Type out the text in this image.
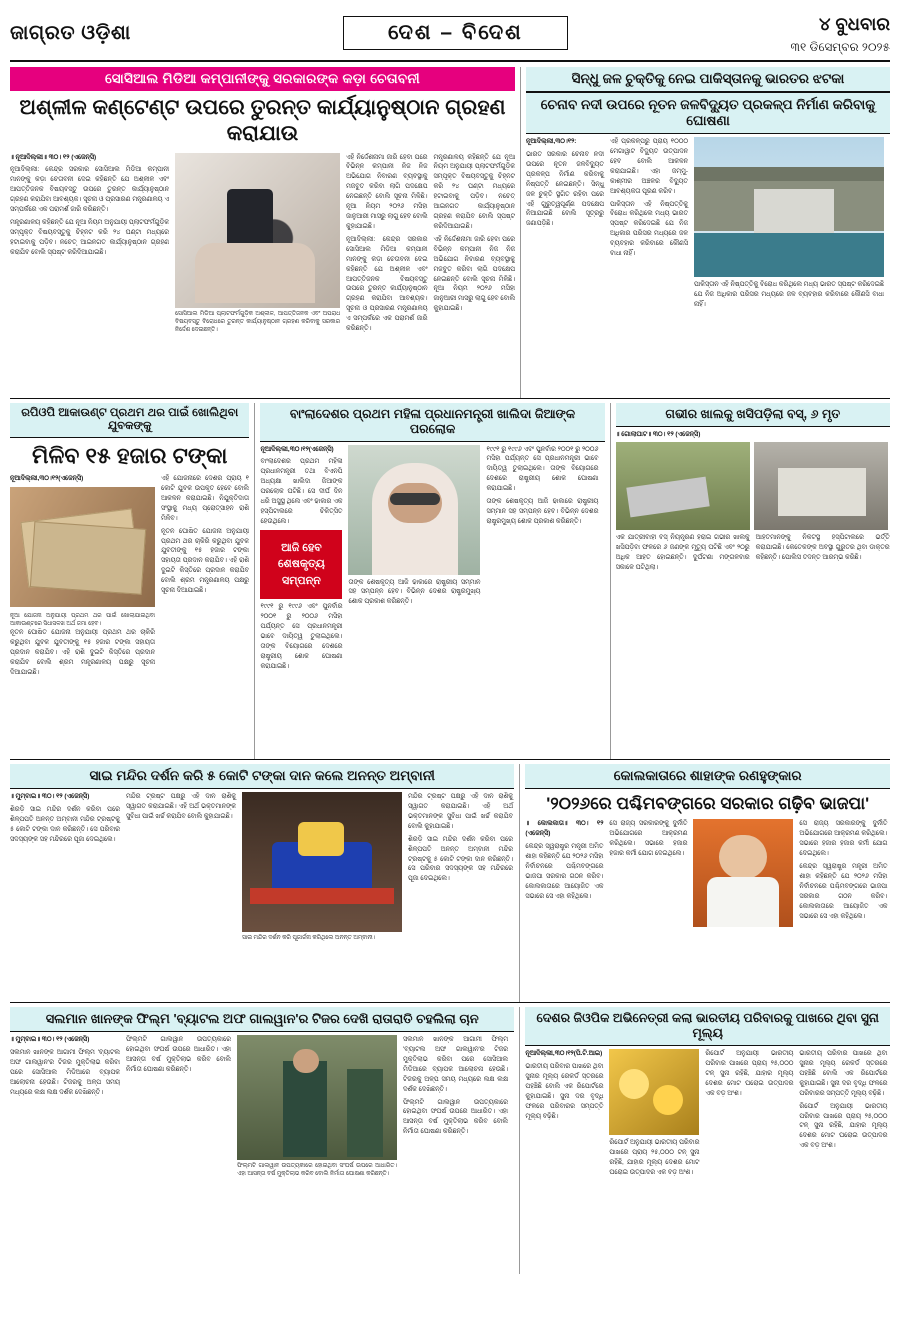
ଜାଗ୍ରତ ଓଡ଼ିଶା	ଦେଶ – ବିଦେଶ	୪ ବୁଧବାର
୩୧ ଡିସେମ୍ବର ୨୦୨୫
ସୋସିଆଲ ମିଡିଆ କମ୍ପାନୀଙ୍କୁ ସରକାରଙ୍କ କଡ଼ା ଚେତାବନୀ
ଅଶ୍ଳୀଳ କଣ୍ଟେଣ୍ଟ ଉପରେ ତୁରନ୍ତ କାର୍ଯ୍ୟାନୁଷ୍ଠାନ ଗ୍ରହଣ କରାଯାଉ

॥ ନୂଆଦିଲ୍ଲୀ॥ ୩୦। ୧୨ (ଏଜେନ୍ସି)

ନୂଆଦିଲ୍ଲୀ: କେନ୍ଦ୍ର ସରକାର ସୋସିଆଲ ମିଡିଆ କମ୍ପାନୀ ମାନଙ୍କୁ କଡ଼ା ଚେତାବନୀ ଦେଇ କହିଛନ୍ତି ଯେ ଅଶ୍ଳୀଳ ଏବଂ ଆପତ୍ତିଜନକ ବିଷୟବସ୍ତୁ ଉପରେ ତୁରନ୍ତ କାର୍ଯ୍ୟାନୁଷ୍ଠାନ ଗ୍ରହଣ କରାଯିବା ଆବଶ୍ୟକ। ସୂଚନା ଓ ପ୍ରସାରଣ ମନ୍ତ୍ରଣାଳୟ ଏ ସମ୍ପର୍କରେ ଏକ ପରାମର୍ଶ ଜାରି କରିଛନ୍ତି।

ମନ୍ତ୍ରଣାଳୟ କହିଛନ୍ତି ଯେ ନୂଆ ନିୟମ ଅନୁଯାୟୀ ପ୍ଲାଟଫର୍ମଗୁଡ଼ିକ ସମ୍ପୃକ୍ତ ବିଷୟବସ୍ତୁକୁ ଚିହ୍ନଟ କରି ୨୪ ଘଣ୍ଟା ମଧ୍ୟରେ ହଟାଇବାକୁ ପଡ଼ିବ। ନଚେତ୍ ଆଇନଗତ କାର୍ଯ୍ୟାନୁଷ୍ଠାନ ଗ୍ରହଣ କରାଯିବ ବୋଲି ସ୍ପଷ୍ଟ କରିଦିଆଯାଇଛି।

ସୋସିଆଲ ମିଡିଆ ପ୍ଲାଟଫର୍ମଗୁଡ଼ିକ ଅଶ୍ଳୀଳ, ଆପତ୍ତିଜନକ ଏବଂ ଅପରାଧ ବିଷୟବସ୍ତୁ ବିରୋଧରେ ତୁରନ୍ତ କାର୍ଯ୍ୟାନୁଷ୍ଠାନ ଗ୍ରହଣ କରିବାକୁ ସରକାର ନିର୍ଦ୍ଦେଶ ଦେଇଛନ୍ତି।

ଏହି ନିର୍ଦ୍ଦେଶନାମା ଜାରି ହେବା ପରେ ବିଭିନ୍ନ କମ୍ପାନୀ ନିଜ ନିଜ ଅଭିଯୋଗ ନିବାରଣ ବ୍ୟବସ୍ଥାକୁ ମଜବୁତ କରିବା ଲାଗି ପଦକ୍ଷେପ ନେଇଛନ୍ତି ବୋଲି ସୂଚନା ମିଳିଛି। ନୂଆ ନିୟମ ୨୦୨୬ ମସିହା ଜାନୁଆରୀ ମାସରୁ ଲାଗୁ ହେବ ବୋଲି କୁହାଯାଇଛି।

ନୂଆଦିଲ୍ଲୀ: କେନ୍ଦ୍ର ସରକାର ସୋସିଆଲ ମିଡିଆ କମ୍ପାନୀ ମାନଙ୍କୁ କଡ଼ା ଚେତାବନୀ ଦେଇ କହିଛନ୍ତି ଯେ ଅଶ୍ଳୀଳ ଏବଂ ଆପତ୍ତିଜନକ ବିଷୟବସ୍ତୁ ଉପରେ ତୁରନ୍ତ କାର୍ଯ୍ୟାନୁଷ୍ଠାନ ଗ୍ରହଣ କରାଯିବା ଆବଶ୍ୟକ। ସୂଚନା ଓ ପ୍ରସାରଣ ମନ୍ତ୍ରଣାଳୟ ଏ ସମ୍ପର୍କରେ ଏକ ପରାମର୍ଶ ଜାରି କରିଛନ୍ତି।

ମନ୍ତ୍ରଣାଳୟ କହିଛନ୍ତି ଯେ ନୂଆ ନିୟମ ଅନୁଯାୟୀ ପ୍ଲାଟଫର୍ମଗୁଡ଼ିକ ସମ୍ପୃକ୍ତ ବିଷୟବସ୍ତୁକୁ ଚିହ୍ନଟ କରି ୨୪ ଘଣ୍ଟା ମଧ୍ୟରେ ହଟାଇବାକୁ ପଡ଼ିବ। ନଚେତ୍ ଆଇନଗତ କାର୍ଯ୍ୟାନୁଷ୍ଠାନ ଗ୍ରହଣ କରାଯିବ ବୋଲି ସ୍ପଷ୍ଟ କରିଦିଆଯାଇଛି।

ଏହି ନିର୍ଦ୍ଦେଶନାମା ଜାରି ହେବା ପରେ ବିଭିନ୍ନ କମ୍ପାନୀ ନିଜ ନିଜ ଅଭିଯୋଗ ନିବାରଣ ବ୍ୟବସ୍ଥାକୁ ମଜବୁତ କରିବା ଲାଗି ପଦକ୍ଷେପ ନେଇଛନ୍ତି ବୋଲି ସୂଚନା ମିଳିଛି। ନୂଆ ନିୟମ ୨୦୨୬ ମସିହା ଜାନୁଆରୀ ମାସରୁ ଲାଗୁ ହେବ ବୋଲି କୁହାଯାଇଛି।

ସିନ୍ଧୁ ଜଳ ଚୁକ୍ତିକୁ ନେଇ ପାକିସ୍ତାନକୁ ଭାରତର ଝଟକା
ଚେନାବ ନଦୀ ଉପରେ ନୂତନ ଜଳବିଦ୍ୟୁତ ପ୍ରକଳ୍ପ ନିର୍ମାଣ କରିବାକୁ ଘୋଷଣା

ନୂଆଦିଲ୍ଲୀ,୩୦।୧୨:

ଭାରତ ସରକାର ଚେନାବ ନଦୀ ଉପରେ ନୂତନ ଜଳବିଦ୍ୟୁତ ପ୍ରକଳ୍ପ ନିର୍ମାଣ କରିବାକୁ ନିଷ୍ପତ୍ତି ନେଇଛନ୍ତି। ସିନ୍ଧୁ ଜଳ ଚୁକ୍ତି ସ୍ଥଗିତ ରହିବା ପରେ ଏହି ଗୁରୁତ୍ୱପୂର୍ଣ୍ଣ ପଦକ୍ଷେପ ନିଆଯାଇଛି ବୋଲି ସୂତ୍ରରୁ ଜଣାପଡ଼ିଛି।

ଏହି ପ୍ରକଳ୍ପରୁ ପ୍ରାୟ ୧୦୦୦ ମେଗାୱାଟ ବିଦ୍ୟୁତ ଉତ୍ପାଦନ ହେବ ବୋଲି ଆକଳନ କରାଯାଇଛି। ଏହା ଜମ୍ମୁ-କାଶ୍ମୀର ଅଞ୍ଚଳର ବିଦ୍ୟୁତ ଆବଶ୍ୟକତା ପୂରଣ କରିବ।

ପାକିସ୍ତାନ ଏହି ନିଷ୍ପତ୍ତିକୁ ବିରୋଧ କରିଥିଲେ ମଧ୍ୟ ଭାରତ ସ୍ପଷ୍ଟ କରିଦେଇଛି ଯେ ନିଜ ଅଧିକାର ପରିସର ମଧ୍ୟରେ ଜଳ ବ୍ୟବହାର କରିବାରେ କୌଣସି ବାଧା ନାହିଁ।

ପାକିସ୍ତାନ ଏହି ନିଷ୍ପତ୍ତିକୁ ବିରୋଧ କରିଥିଲେ ମଧ୍ୟ ଭାରତ ସ୍ପଷ୍ଟ କରିଦେଇଛି ଯେ ନିଜ ଅଧିକାର ପରିସର ମଧ୍ୟରେ ଜଳ ବ୍ୟବହାର କରିବାରେ କୌଣସି ବାଧା ନାହିଁ।

ରପିଓପି ଆକାଉଣ୍ଟ ପ୍ରଥମ ଥର ପାଇଁ ଖୋଲିଥିବା ଯୁବକଙ୍କୁ
ମିଳିବ ୧୫ ହଜାର ଟଙ୍କା

ନୂଆଦିଲ୍ଲୀ,୩୦।୧୨(ଏଜେନ୍ସି)

ନୂଆ ଯୋଜନା ଅନୁଯାୟୀ ପ୍ରଥମ ଥର ପାଇଁ ଖୋଲାଯାଇଥିବା ଆକାଉଣ୍ଟରେ ସିଧାସଳଖ ଅର୍ଥ ଜମା ହେବ।

ନୂତନ ଘୋଷିତ ଯୋଜନା ଅନୁଯାୟୀ ପ୍ରଥମ ଥର ଚାକିରି କରୁଥିବା ଯୁବକ ଯୁବତୀଙ୍କୁ ୧୫ ହଜାର ଟଙ୍କା ସହାୟତା ପ୍ରଦାନ କରାଯିବ। ଏହି ରାଶି ଦୁଇଟି କିସ୍ତିରେ ପ୍ରଦାନ କରାଯିବ ବୋଲି ଶ୍ରମ ମନ୍ତ୍ରଣାଳୟ ପକ୍ଷରୁ ସୂଚନା ଦିଆଯାଇଛି।

ଏହି ଯୋଜନାରେ ଦେଶର ପ୍ରାୟ ୧ କୋଟି ଯୁବକ ଉପକୃତ ହେବେ ବୋଲି ଆକଳନ କରାଯାଇଛି। ନିଯୁକ୍ତିଦାତା ସଂସ୍ଥାକୁ ମଧ୍ୟ ପ୍ରୋତ୍ସାହନ ରାଶି ମିଳିବ।

ନୂତନ ଘୋଷିତ ଯୋଜନା ଅନୁଯାୟୀ ପ୍ରଥମ ଥର ଚାକିରି କରୁଥିବା ଯୁବକ ଯୁବତୀଙ୍କୁ ୧୫ ହଜାର ଟଙ୍କା ସହାୟତା ପ୍ରଦାନ କରାଯିବ। ଏହି ରାଶି ଦୁଇଟି କିସ୍ତିରେ ପ୍ରଦାନ କରାଯିବ ବୋଲି ଶ୍ରମ ମନ୍ତ୍ରଣାଳୟ ପକ୍ଷରୁ ସୂଚନା ଦିଆଯାଇଛି।

ବାଂଲାଦେଶର ପ୍ରଥମ ମହିଳା ପ୍ରଧାନମନ୍ତ୍ରୀ ଖାଲିଦା ଜିଆଙ୍କ ପରଲୋକ

ନୂଆଦିଲ୍ଲୀ,୩୦।୧୨(ଏଜେନ୍ସି)

ବାଂଲାଦେଶର ପ୍ରଥମ ମହିଳା ପ୍ରଧାନମନ୍ତ୍ରୀ ତଥା ବିଏନପି ଅଧ୍ୟକ୍ଷା ଖାଲିଦା ଜିଆଙ୍କ ପରଲୋକ ଘଟିଛି। ସେ ଦୀର୍ଘ ଦିନ ଧରି ଅସୁସ୍ଥ ଥିଲେ ଏବଂ ଢାକାର ଏକ ହସ୍ପିଟାଲରେ ଚିକିତ୍ସିତ ହେଉଥିଲେ।

ଆଜି ହେବ ଶେଷକୃତ୍ୟ ସମ୍ପନ୍ନ

୧୯୯୧ ରୁ ୧୯୯୬ ଏବଂ ପୁନର୍ବାର ୨୦୦୧ ରୁ ୨୦୦୬ ମସିହା ପର୍ଯ୍ୟନ୍ତ ସେ ପ୍ରଧାନମନ୍ତ୍ରୀ ଭାବେ ଦାୟିତ୍ୱ ତୁଲାଇଥିଲେ। ତାଙ୍କ ବିୟୋଗରେ ଦେଶରେ ରାଷ୍ଟ୍ରୀୟ ଶୋକ ଘୋଷଣା କରାଯାଇଛି।

ତାଙ୍କ ଶେଷକୃତ୍ୟ ଆଜି ଢାକାରେ ରାଷ୍ଟ୍ରୀୟ ସମ୍ମାନ ସହ ସମ୍ପନ୍ନ ହେବ। ବିଭିନ୍ନ ଦେଶର ରାଷ୍ଟ୍ରମୁଖ୍ୟ ଶୋକ ପ୍ରକାଶ କରିଛନ୍ତି।

୧୯୯୧ ରୁ ୧୯୯୬ ଏବଂ ପୁନର୍ବାର ୨୦୦୧ ରୁ ୨୦୦୬ ମସିହା ପର୍ଯ୍ୟନ୍ତ ସେ ପ୍ରଧାନମନ୍ତ୍ରୀ ଭାବେ ଦାୟିତ୍ୱ ତୁଲାଇଥିଲେ। ତାଙ୍କ ବିୟୋଗରେ ଦେଶରେ ରାଷ୍ଟ୍ରୀୟ ଶୋକ ଘୋଷଣା କରାଯାଇଛି।

ତାଙ୍କ ଶେଷକୃତ୍ୟ ଆଜି ଢାକାରେ ରାଷ୍ଟ୍ରୀୟ ସମ୍ମାନ ସହ ସମ୍ପନ୍ନ ହେବ। ବିଭିନ୍ନ ଦେଶର ରାଷ୍ଟ୍ରମୁଖ୍ୟ ଶୋକ ପ୍ରକାଶ କରିଛନ୍ତି।

ଗଭୀର ଖାଲକୁ ଖସିପଡ଼ିଲା ବସ୍, ୬ ମୃତ

॥ ଗୋଲାଘାଟ॥ ୩୦। ୧୨ (ଏଜେନ୍ସି)

ଏକ ଯାତ୍ରୀବାହୀ ବସ୍ ନିୟନ୍ତ୍ରଣ ହରାଇ ଗଭୀର ଖାଲକୁ ଖସିପଡ଼ିବା ଫଳରେ ୬ ଜଣଙ୍କ ମୃତ୍ୟୁ ଘଟିଛି ଏବଂ ୨୦ରୁ ଅଧିକ ଆହତ ହୋଇଛନ୍ତି। ଦୁର୍ଘଟଣା ମଙ୍ଗଳବାର ସକାଳେ ଘଟିଥିଲା।

ଆହତମାନଙ୍କୁ ନିକଟସ୍ଥ ହସ୍ପିଟାଲରେ ଭର୍ତ୍ତି କରାଯାଇଛି। କେତେକଙ୍କ ଅବସ୍ଥା ଗୁରୁତର ଥିବା ଡାକ୍ତର କହିଛନ୍ତି। ପୋଲିସ ତଦନ୍ତ ଆରମ୍ଭ କରିଛି।

ସାଇ ମନ୍ଦିର ଦର୍ଶନ କରି ୫ କୋଟି ଟଙ୍କା ଦାନ କଲେ ଅନନ୍ତ ଅମ୍ବାନୀ

॥ ମୁମ୍ବାଇ॥ ୩୦। ୧୨ (ଏଜେନ୍ସି)

ଶିରଡ଼ି ସାଇ ମନ୍ଦିର ଦର୍ଶନ କରିବା ପରେ ଶିଳ୍ପପତି ଅନନ୍ତ ଅମ୍ବାନୀ ମନ୍ଦିର ଟ୍ରଷ୍ଟକୁ ୫ କୋଟି ଟଙ୍କା ଦାନ କରିଛନ୍ତି। ସେ ପରିବାର ସଦସ୍ୟଙ୍କ ସହ ମନ୍ଦିରରେ ପୂଜା ଦେଇଥିଲେ।

ମନ୍ଦିର ଟ୍ରଷ୍ଟ ପକ୍ଷରୁ ଏହି ଦାନ ରାଶିକୁ ସ୍ୱାଗତ କରାଯାଇଛି। ଏହି ଅର୍ଥ ଭକ୍ତମାନଙ୍କ ସୁବିଧା ପାଇଁ ଖର୍ଚ୍ଚ କରାଯିବ ବୋଲି କୁହାଯାଇଛି।

ସାଇ ମନ୍ଦିର ଦର୍ଶନ କରି ପୂଜାର୍ଚ୍ଚନା କରିଥିଲେ ଅନନ୍ତ ଅମ୍ବାନୀ।

ମନ୍ଦିର ଟ୍ରଷ୍ଟ ପକ୍ଷରୁ ଏହି ଦାନ ରାଶିକୁ ସ୍ୱାଗତ କରାଯାଇଛି। ଏହି ଅର୍ଥ ଭକ୍ତମାନଙ୍କ ସୁବିଧା ପାଇଁ ଖର୍ଚ୍ଚ କରାଯିବ ବୋଲି କୁହାଯାଇଛି।

ଶିରଡ଼ି ସାଇ ମନ୍ଦିର ଦର୍ଶନ କରିବା ପରେ ଶିଳ୍ପପତି ଅନନ୍ତ ଅମ୍ବାନୀ ମନ୍ଦିର ଟ୍ରଷ୍ଟକୁ ୫ କୋଟି ଟଙ୍କା ଦାନ କରିଛନ୍ତି। ସେ ପରିବାର ସଦସ୍ୟଙ୍କ ସହ ମନ୍ଦିରରେ ପୂଜା ଦେଇଥିଲେ।

କୋଲକାତାରେ ଶାହାଙ୍କ ରଣହୁଙ୍କାର
'୨୦୨୬ରେ ପଶ୍ଚିମବଙ୍ଗରେ ସରକାର ଗଢ଼ିବ ଭାଜପା'

॥ କୋଲକାତା॥ ୩୦। ୧୨ (ଏଜେନ୍ସି)

କେନ୍ଦ୍ର ସ୍ୱରାଷ୍ଟ୍ର ମନ୍ତ୍ରୀ ଅମିତ ଶାହା କହିଛନ୍ତି ଯେ ୨୦୨୬ ମସିହା ନିର୍ବାଚନରେ ପଶ୍ଚିମବଙ୍ଗରେ ଭାଜପା ସରକାର ଗଠନ କରିବ। କୋଲକାତାରେ ଆୟୋଜିତ ଏକ ସଭାରେ ସେ ଏହା କହିଥିଲେ।

ସେ ରାଜ୍ୟ ସରକାରଙ୍କୁ ଦୁର୍ନୀତି ଅଭିଯୋଗରେ ଆକ୍ରମଣ କରିଥିଲେ। ସଭାରେ ହଜାର ହଜାର କର୍ମୀ ଯୋଗ ଦେଇଥିଲେ।

ସେ ରାଜ୍ୟ ସରକାରଙ୍କୁ ଦୁର୍ନୀତି ଅଭିଯୋଗରେ ଆକ୍ରମଣ କରିଥିଲେ। ସଭାରେ ହଜାର ହଜାର କର୍ମୀ ଯୋଗ ଦେଇଥିଲେ।

କେନ୍ଦ୍ର ସ୍ୱରାଷ୍ଟ୍ର ମନ୍ତ୍ରୀ ଅମିତ ଶାହା କହିଛନ୍ତି ଯେ ୨୦୨୬ ମସିହା ନିର୍ବାଚନରେ ପଶ୍ଚିମବଙ୍ଗରେ ଭାଜପା ସରକାର ଗଠନ କରିବ। କୋଲକାତାରେ ଆୟୋଜିତ ଏକ ସଭାରେ ସେ ଏହା କହିଥିଲେ।

ସଲମାନ ଖାନଙ୍କ ଫିଲ୍ମ 'ବ୍ୟାଟଲ ଅଫ ଗାଲୱାନ'ର ଟିଜର ଦେଖି ରାତାରାତି ଚହଲିଲା ଚାନ

॥ ମୁମ୍ବାଇ॥ ୩୦। ୧୨ (ଏଜେନ୍ସି)

ସଲମାନ ଖାନଙ୍କ ଆଗାମୀ ଫିଲ୍ମ 'ବ୍ୟାଟଲ ଅଫ ଗାଲୱାନ'ର ଟିଜର ମୁକ୍ତିଲାଭ କରିବା ପରେ ସୋସିଆଲ ମିଡିଆରେ ବ୍ୟାପକ ଆଲୋଚନା ହେଉଛି। ଟିଜରକୁ ଅଳ୍ପ ସମୟ ମଧ୍ୟରେ ଲକ୍ଷ ଲକ୍ଷ ଦର୍ଶକ ଦେଖିଛନ୍ତି।

ଫିଲ୍ମଟି ଗାଲୱାନ ଉପତ୍ୟକାରେ ହୋଇଥିବା ସଂଘର୍ଷ ଉପରେ ଆଧାରିତ। ଏହା ଆସନ୍ତା ବର୍ଷ ମୁକ୍ତିଲାଭ କରିବ ବୋଲି ନିର୍ମାତା ଘୋଷଣା କରିଛନ୍ତି।

ଫିଲ୍ମଟି ଗାଲୱାନ ଉପତ୍ୟକାରେ ହୋଇଥିବା ସଂଘର୍ଷ ଉପରେ ଆଧାରିତ। ଏହା ଆସନ୍ତା ବର୍ଷ ମୁକ୍ତିଲାଭ କରିବ ବୋଲି ନିର୍ମାତା ଘୋଷଣା କରିଛନ୍ତି।

ସଲମାନ ଖାନଙ୍କ ଆଗାମୀ ଫିଲ୍ମ 'ବ୍ୟାଟଲ ଅଫ ଗାଲୱାନ'ର ଟିଜର ମୁକ୍ତିଲାଭ କରିବା ପରେ ସୋସିଆଲ ମିଡିଆରେ ବ୍ୟାପକ ଆଲୋଚନା ହେଉଛି। ଟିଜରକୁ ଅଳ୍ପ ସମୟ ମଧ୍ୟରେ ଲକ୍ଷ ଲକ୍ଷ ଦର୍ଶକ ଦେଖିଛନ୍ତି।

ଫିଲ୍ମଟି ଗାଲୱାନ ଉପତ୍ୟକାରେ ହୋଇଥିବା ସଂଘର୍ଷ ଉପରେ ଆଧାରିତ। ଏହା ଆସନ୍ତା ବର୍ଷ ମୁକ୍ତିଲାଭ କରିବ ବୋଲି ନିର୍ମାତା ଘୋଷଣା କରିଛନ୍ତି।

ଦେଶର ଜିଓପିକ ଅଭିନେତ୍ରୀ କଲା ଭାରତୀୟ ପରିବାରକୁ ପାଖରେ ଥିବା ସୁନା ମୂଲ୍ୟ

ନୂଆଦିଲ୍ଲୀ,୩୦।୧୨(ପି.ଟି.ଆଇ)

ଭାରତୀୟ ପରିବାର ପାଖରେ ଥିବା ସୁନାର ମୂଲ୍ୟ ରେକର୍ଡ ସ୍ତରରେ ପହଞ୍ଚିଛି ବୋଲି ଏକ ରିପୋର୍ଟରେ କୁହାଯାଇଛି। ସୁନା ଦର ବୃଦ୍ଧି ଫଳରେ ପରିବାରର ସମ୍ପତ୍ତି ମୂଲ୍ୟ ବଢ଼ିଛି।

ରିପୋର୍ଟ ଅନୁଯାୟୀ ଭାରତୀୟ ପରିବାର ପାଖରେ ପ୍ରାୟ ୨୫,୦୦୦ ଟନ୍ ସୁନା ରହିଛି, ଯାହାର ମୂଲ୍ୟ ଦେଶର ମୋଟ ଘରୋଇ ଉତ୍ପାଦର ଏକ ବଡ଼ ଅଂଶ।

ରିପୋର୍ଟ ଅନୁଯାୟୀ ଭାରତୀୟ ପରିବାର ପାଖରେ ପ୍ରାୟ ୨୫,୦୦୦ ଟନ୍ ସୁନା ରହିଛି, ଯାହାର ମୂଲ୍ୟ ଦେଶର ମୋଟ ଘରୋଇ ଉତ୍ପାଦର ଏକ ବଡ଼ ଅଂଶ।

ଭାରତୀୟ ପରିବାର ପାଖରେ ଥିବା ସୁନାର ମୂଲ୍ୟ ରେକର୍ଡ ସ୍ତରରେ ପହଞ୍ଚିଛି ବୋଲି ଏକ ରିପୋର୍ଟରେ କୁହାଯାଇଛି। ସୁନା ଦର ବୃଦ୍ଧି ଫଳରେ ପରିବାରର ସମ୍ପତ୍ତି ମୂଲ୍ୟ ବଢ଼ିଛି।

ରିପୋର୍ଟ ଅନୁଯାୟୀ ଭାରତୀୟ ପରିବାର ପାଖରେ ପ୍ରାୟ ୨୫,୦୦୦ ଟନ୍ ସୁନା ରହିଛି, ଯାହାର ମୂଲ୍ୟ ଦେଶର ମୋଟ ଘରୋଇ ଉତ୍ପାଦର ଏକ ବଡ଼ ଅଂଶ।
